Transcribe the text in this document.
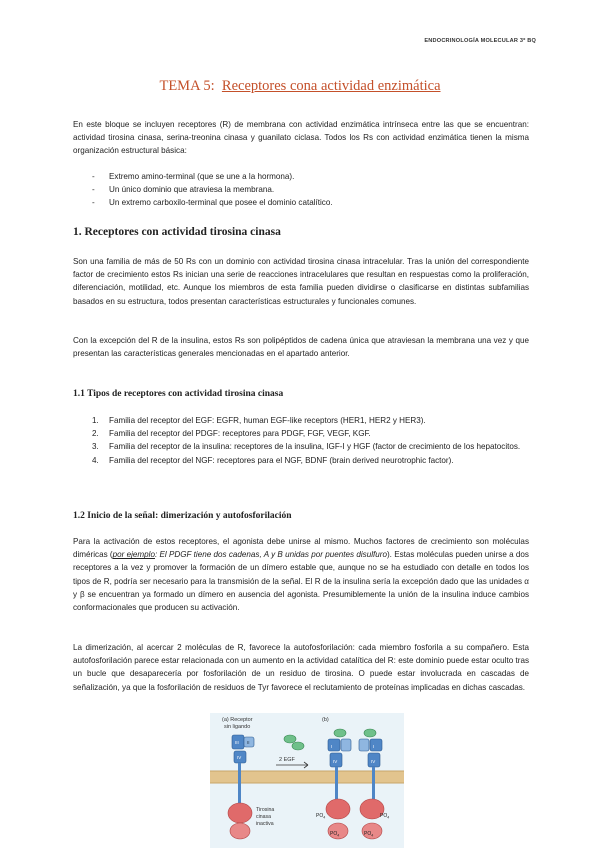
ENDOCRINOLOGÍA MOLECULAR 3º BQ
TEMA 5: Receptores cona actividad enzimática
En este bloque se incluyen receptores (R) de membrana con actividad enzimática intrínseca entre las que se encuentran: actividad tirosina cinasa, serina-treonina cinasa y guanilato ciclasa. Todos los Rs con actividad enzimática tienen la misma organización estructural básica:
- Extremo amino-terminal (que se une a la hormona).
- Un único dominio que atraviesa la membrana.
- Un extremo carboxilo-terminal que posee el dominio catalítico.
1. Receptores con actividad tirosina cinasa
Son una familia de más de 50 Rs con un dominio con actividad tirosina cinasa intracelular. Tras la unión del correspondiente factor de crecimiento estos Rs inician una serie de reacciones intracelulares que resultan en respuestas como la proliferación, diferenciación, motilidad, etc. Aunque los miembros de esta familia pueden dividirse o clasificarse en distintas subfamilias basados en su estructura, todos presentan características estructurales y funcionales comunes.
Con la excepción del R de la insulina, estos Rs son polipéptidos de cadena única que atraviesan la membrana una vez y que presentan las características generales mencionadas en el apartado anterior.
1.1 Tipos de receptores con actividad tirosina cinasa
1. Familia del receptor del EGF: EGFR, human EGF-like receptors (HER1, HER2 y HER3).
2. Familia del receptor del PDGF: receptores para PDGF, FGF, VEGF, KGF.
3. Familia del receptor de la insulina: receptores de la insulina, IGF-I y HGF (factor de crecimiento de los hepatocitos.
4. Familia del receptor del NGF: receptores para el NGF, BDNF (brain derived neurotrophic factor).
1.2 Inicio de la señal: dimerización y autofosforilación
Para la activación de estos receptores, el agonista debe unirse al mismo. Muchos factores de crecimiento son moléculas diméricas (por ejemplo: El PDGF tiene dos cadenas, A y B unidas por puentes disulfuro). Estas moléculas pueden unirse a dos receptores a la vez y promover la formación de un dímero estable que, aunque no se ha estudiado con detalle en todos los tipos de R, podría ser necesario para la transmisión de la señal. El R de la insulina sería la excepción dado que las unidades α y β se encuentran ya formado un dímero en ausencia del agonista. Presumiblemente la unión de la insulina induce cambios conformacionales que producen su activación.
La dimerización, al acercar 2 moléculas de R, favorece la autofosforilación: cada miembro fosforila a su compañero. Esta autofosforilación parece estar relacionada con un aumento en la actividad catalítica del R: este dominio puede estar oculto tras un bucle que desaparecería por fosforilación de un residuo de tirosina. O puede estar involucrada en cascadas de señalización, ya que la fosforilación de residuos de Tyr favorece el reclutamiento de proteínas implicadas en dichas cascadas.
(a) Receptor
sin ligando
(b)
2 EGF
III II
IV
Tirosina
cinasa
inactiva
I	I
IV	IV
$PO_4$	$PO_4$
$PO_4$	$PO_4$
